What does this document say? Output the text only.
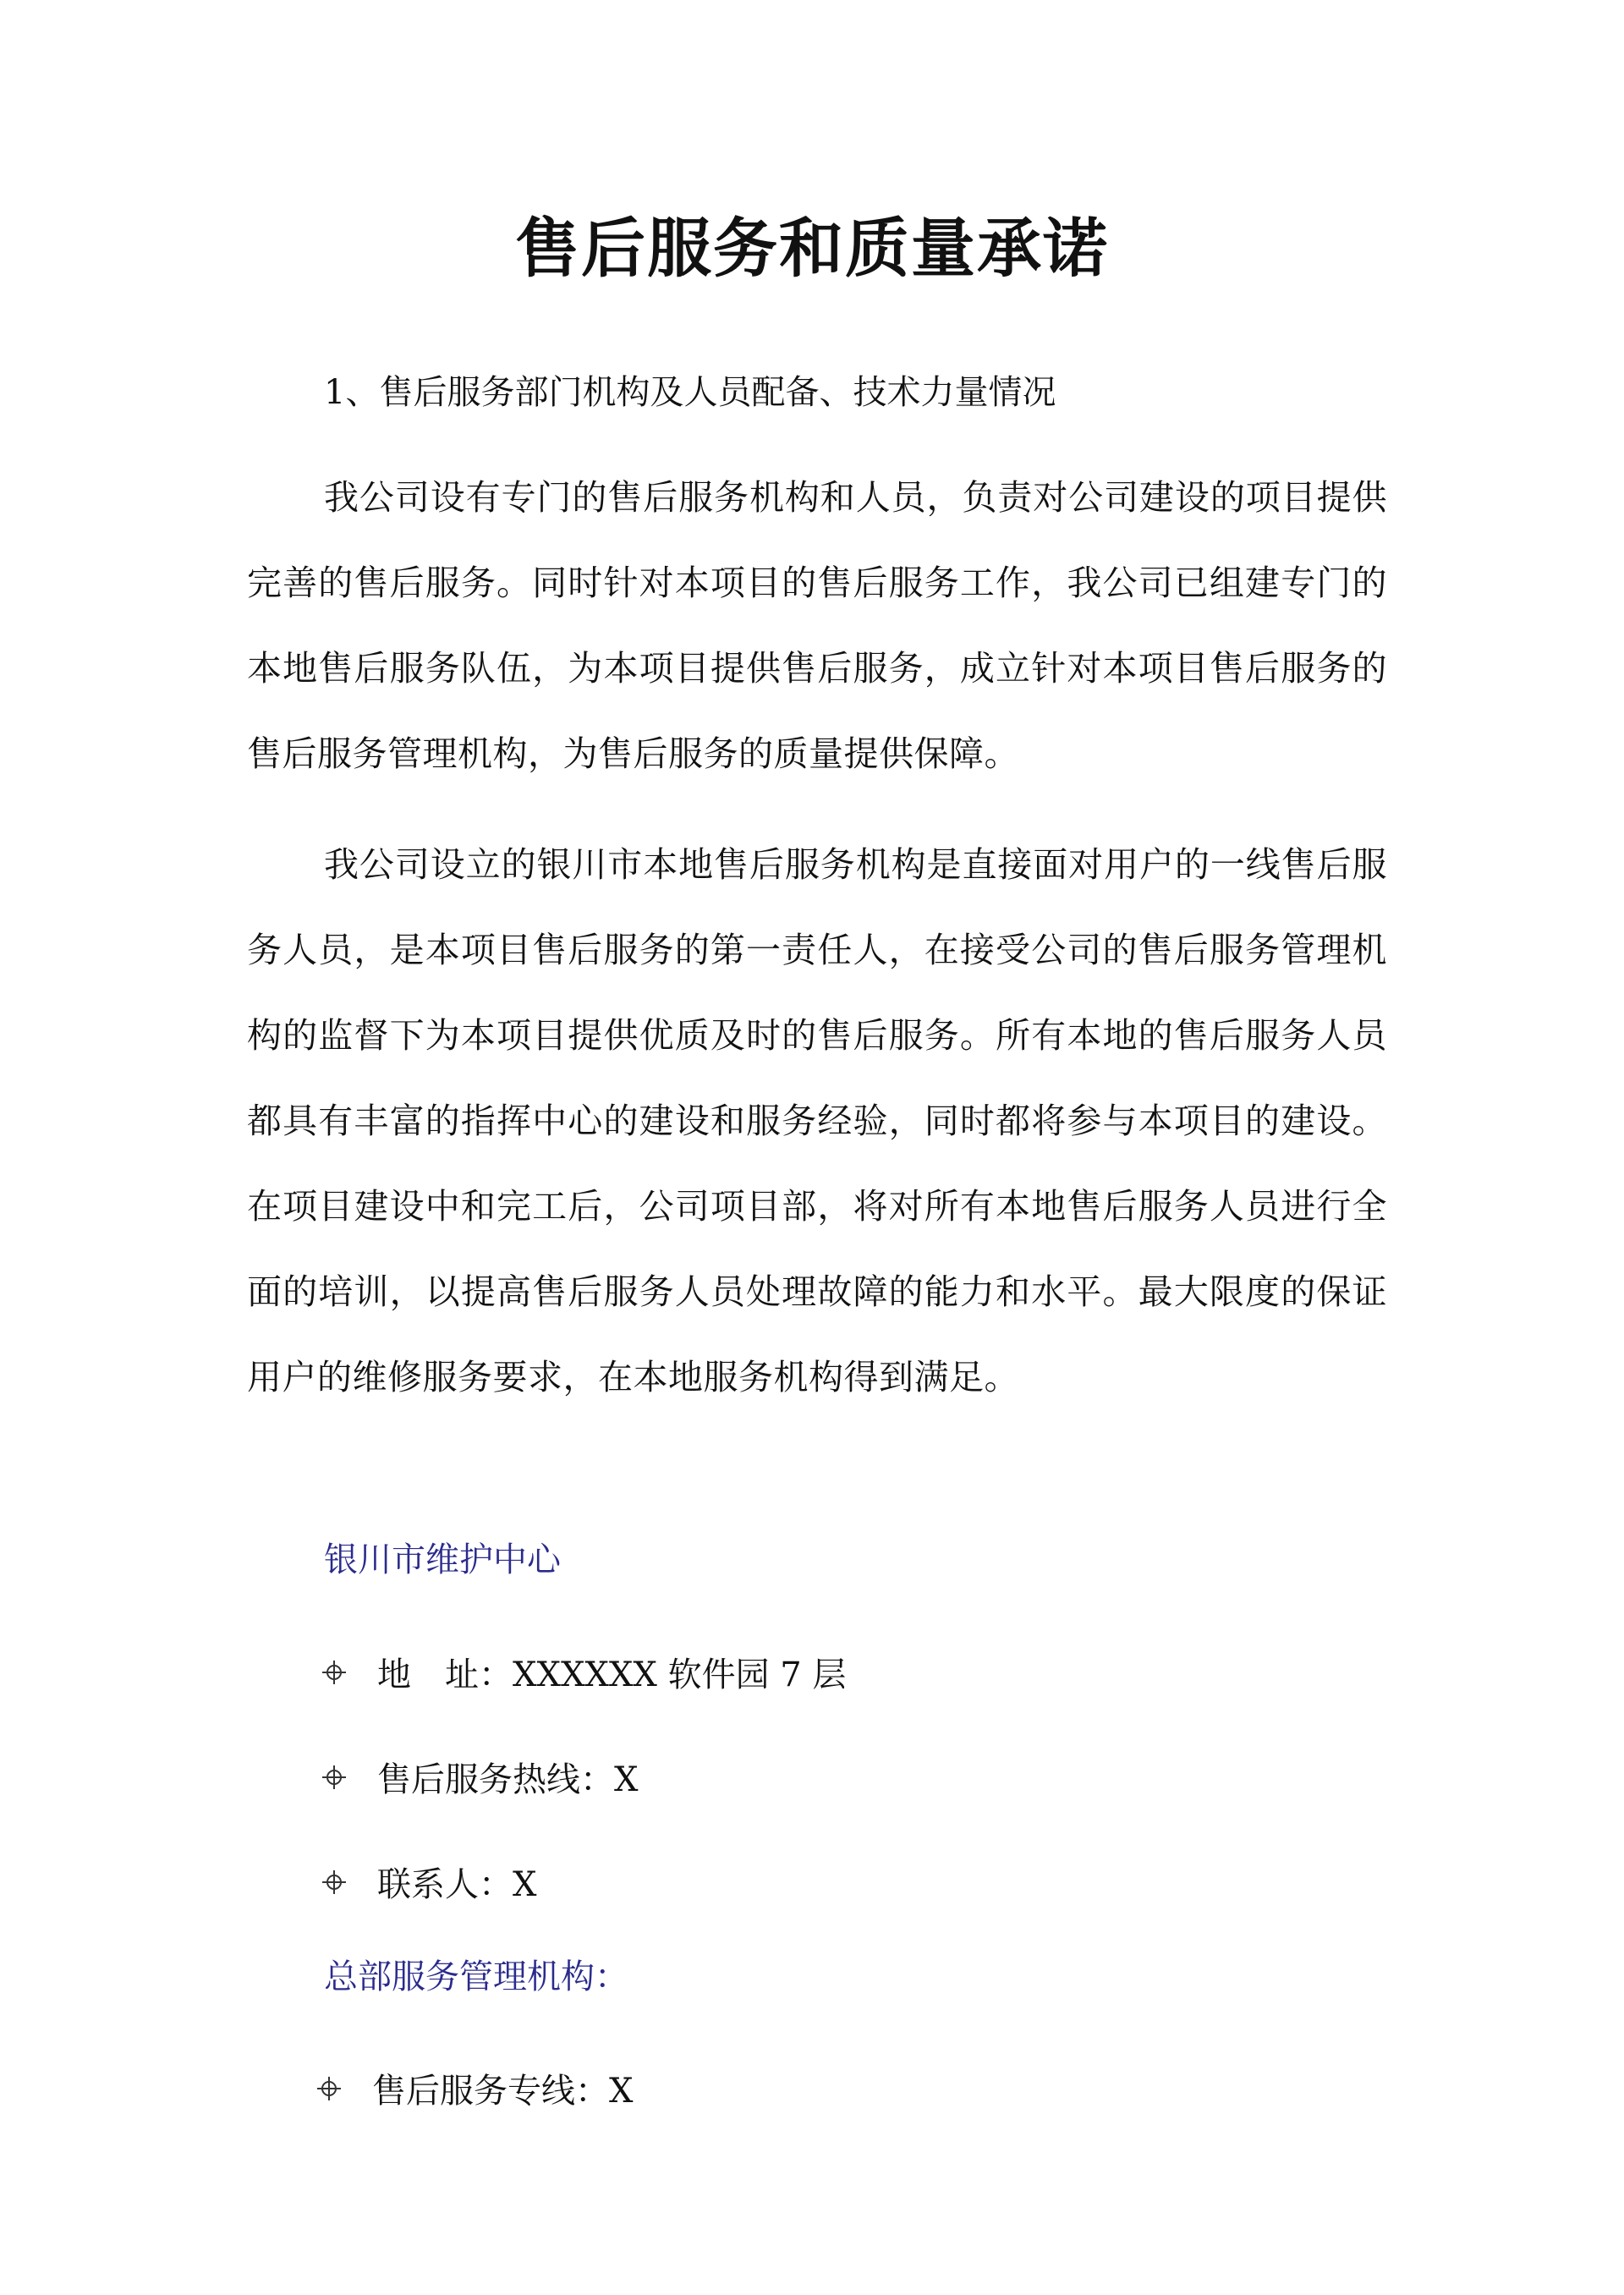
售后服务和质量承诺

1、售后服务部门机构及人员配备、技术力量情况

我公司设有专门的售后服务机构和人员，负责对公司建设的项目提供完善的售后服务。同时针对本项目的售后服务工作，我公司已组建专门的本地售后服务队伍，为本项目提供售后服务，成立针对本项目售后服务的售后服务管理机构，为售后服务的质量提供保障。

我公司设立的银川市本地售后服务机构是直接面对用户的一线售后服务人员，是本项目售后服务的第一责任人，在接受公司的售后服务管理机构的监督下为本项目提供优质及时的售后服务。所有本地的售后服务人员都具有丰富的指挥中心的建设和服务经验，同时都将参与本项目的建设。在项目建设中和完工后，公司项目部，将对所有本地售后服务人员进行全面的培训，以提高售后服务人员处理故障的能力和水平。最大限度的保证用户的维修服务要求，在本地服务机构得到满足。

银川市维护中心

地　址：XXXXXX 软件园 7 层
售后服务热线：X
联系人：X

总部服务管理机构：

售后服务专线：X
